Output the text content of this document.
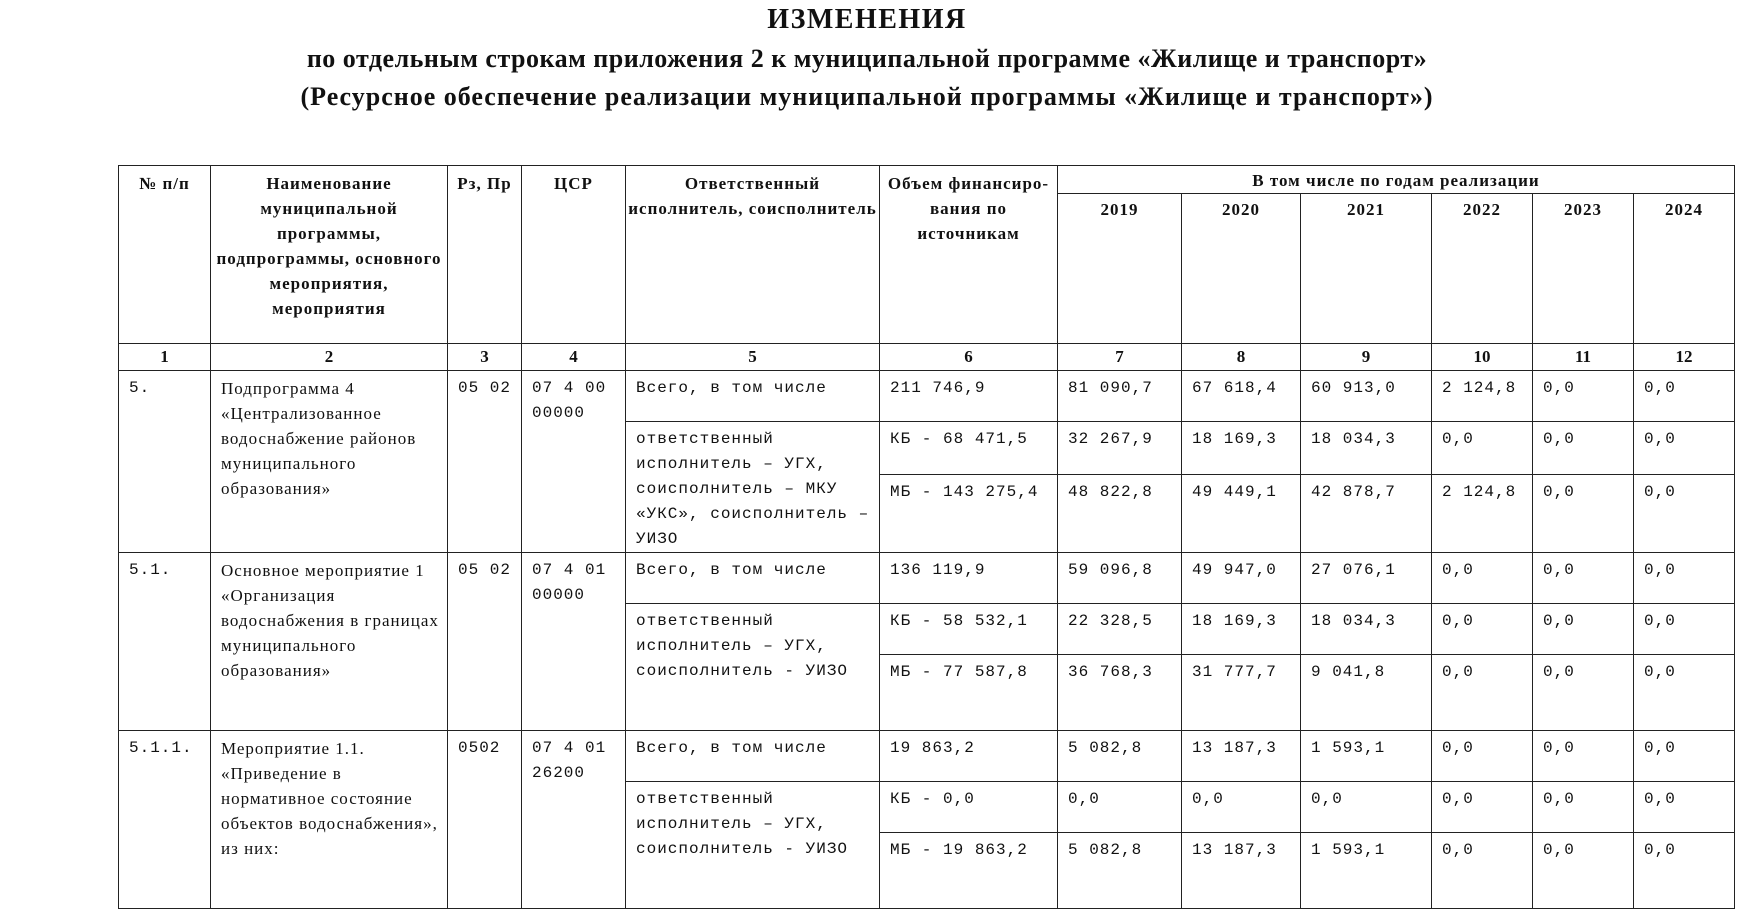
ИЗМЕНЕНИЯ
по отдельным строкам приложения 2 к муниципальной программе «Жилище и транспорт»
(Ресурсное обеспечение реализации муниципальной программы «Жилище и транспорт»)
№ п/п	Наименование муниципальной программы, подпрограммы, основного мероприятия, мероприятия	Рз, Пр	ЦСР	Ответственный исполнитель, соисполнитель	Объем финансиро-вания по источникам	В том числе по годам реализации					
						2019	2020	2021	2022	2023	2024
1	2	3	4	5	6	7	8	9	10	11	12
5.	Подпрограмма 4 «Централизованное водоснабжение районов муниципального образования»	05 02	07 4 00 00000	Всего, в том числе	211 746,9	81 090,7	67 618,4	60 913,0	2 124,8	0,0	0,0
				ответственный исполнитель – УГХ, соисполнитель – МКУ «УКС», соисполнитель – УИЗО	КБ - 68 471,5	32 267,9	18 169,3	18 034,3	0,0	0,0	0,0
					МБ - 143 275,4	48 822,8	49 449,1	42 878,7	2 124,8	0,0	0,0
5.1.	Основное мероприятие 1 «Организация водоснабжения в границах муниципального образования»	05 02	07 4 01 00000	Всего, в том числе	136 119,9	59 096,8	49 947,0	27 076,1	0,0	0,0	0,0
				ответственный исполнитель – УГХ, соисполнитель - УИЗО	КБ - 58 532,1	22 328,5	18 169,3	18 034,3	0,0	0,0	0,0
					МБ - 77 587,8	36 768,3	31 777,7	9 041,8	0,0	0,0	0,0
5.1.1.	Мероприятие 1.1. «Приведение в нормативное состояние объектов водоснабжения», из них:	0502	07 4 01 26200	Всего, в том числе	19 863,2	5 082,8	13 187,3	1 593,1	0,0	0,0	0,0
				ответственный исполнитель – УГХ, соисполнитель - УИЗО	КБ - 0,0	0,0	0,0	0,0	0,0	0,0	0,0
					МБ - 19 863,2	5 082,8	13 187,3	1 593,1	0,0	0,0	0,0
